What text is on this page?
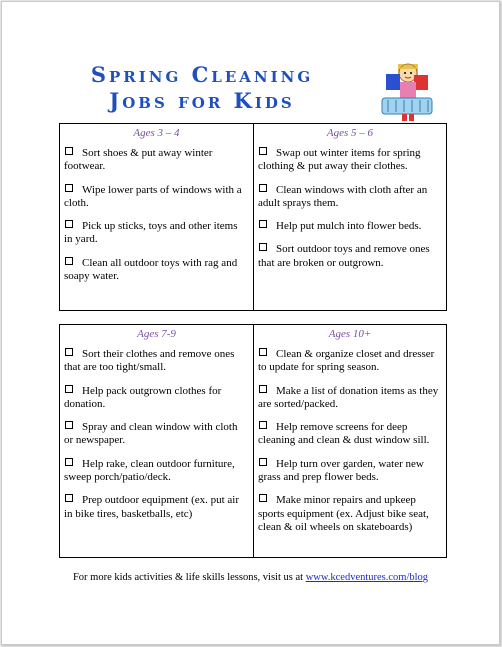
Spring Cleaning
Jobs for Kids
Ages 3 – 4
Sort shoes & put away winter footwear.
Wipe lower parts of windows with a cloth.
Pick up sticks, toys and other items in yard.
Clean all outdoor toys with rag and soapy water.
Ages 5 – 6
Swap out winter items for spring clothing & put away their clothes.
Clean windows with cloth after an adult sprays them.
Help put mulch into flower beds.
Sort outdoor toys and remove ones that are broken or outgrown.
Ages 7-9
Sort their clothes and remove ones that are too tight/small.
Help pack outgrown clothes for donation.
Spray and clean window with cloth or newspaper.
Help rake, clean outdoor furniture, sweep porch/patio/deck.
Prep outdoor equipment (ex. put air in bike tires, basketballs, etc)
Ages 10+
Clean & organize closet and dresser to update for spring season.
Make a list of donation items as they are sorted/packed.
Help remove screens for deep cleaning and clean & dust window sill.
Help turn over garden, water new grass and prep flower beds.
Make minor repairs and upkeep sports equipment (ex. Adjust bike seat, clean & oil wheels on skateboards)
For more kids activities & life skills lessons, visit us at www.kcedventures.com/blog
